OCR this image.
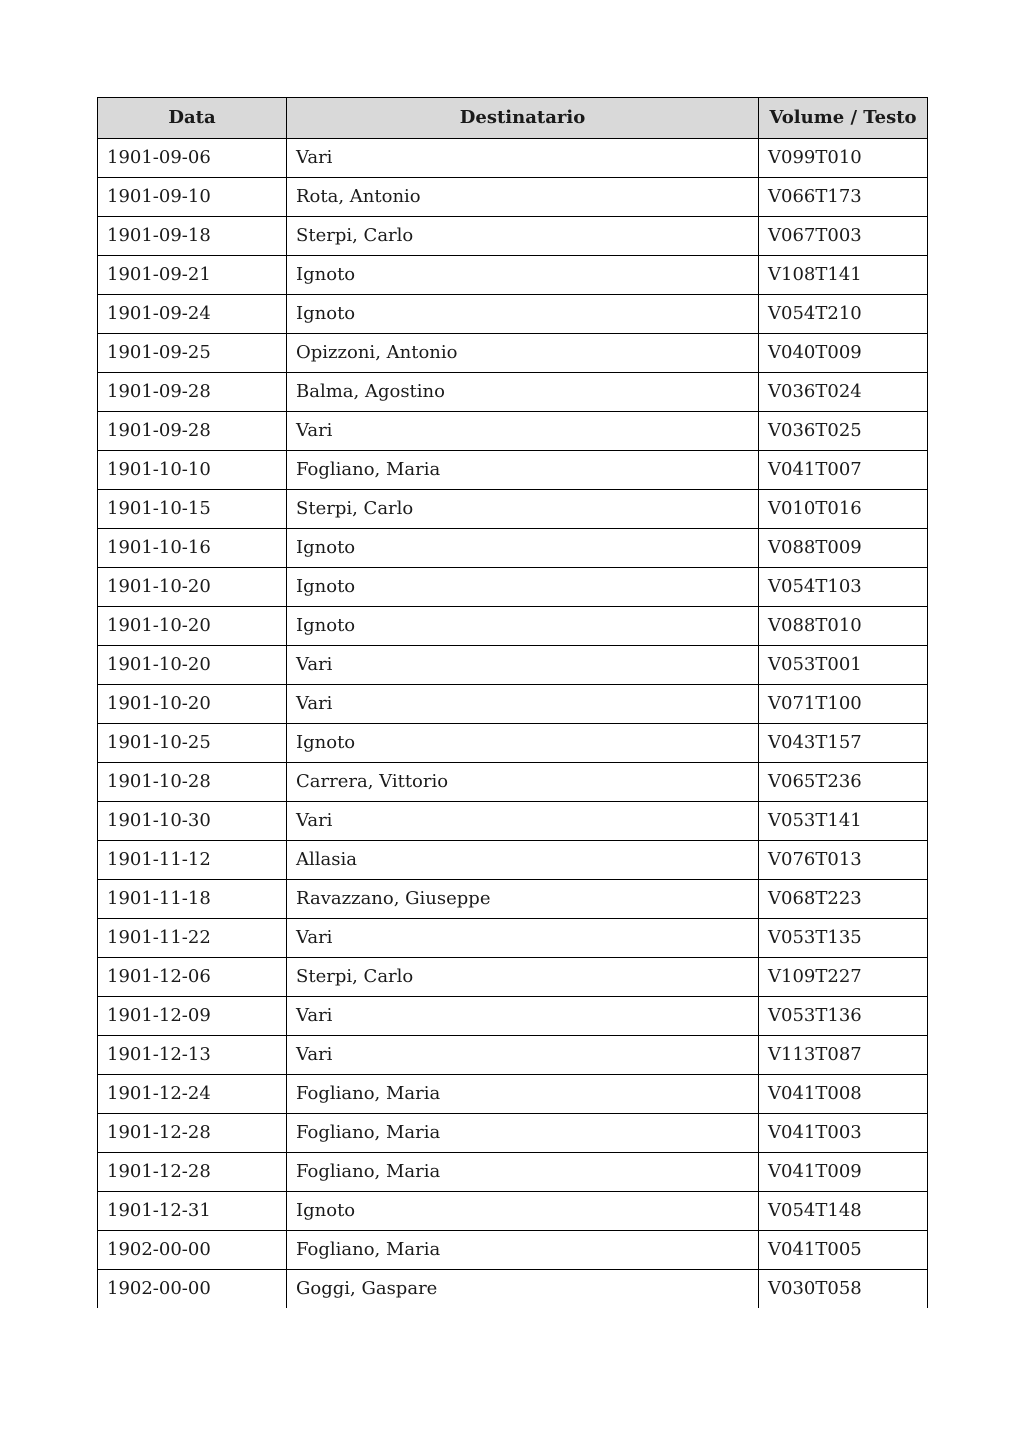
Data	Destinatario	Volume / Testo
1901-09-06	Vari	V099T010
1901-09-10	Rota, Antonio	V066T173
1901-09-18	Sterpi, Carlo	V067T003
1901-09-21	Ignoto	V108T141
1901-09-24	Ignoto	V054T210
1901-09-25	Opizzoni, Antonio	V040T009
1901-09-28	Balma, Agostino	V036T024
1901-09-28	Vari	V036T025
1901-10-10	Fogliano, Maria	V041T007
1901-10-15	Sterpi, Carlo	V010T016
1901-10-16	Ignoto	V088T009
1901-10-20	Ignoto	V054T103
1901-10-20	Ignoto	V088T010
1901-10-20	Vari	V053T001
1901-10-20	Vari	V071T100
1901-10-25	Ignoto	V043T157
1901-10-28	Carrera, Vittorio	V065T236
1901-10-30	Vari	V053T141
1901-11-12	Allasia	V076T013
1901-11-18	Ravazzano, Giuseppe	V068T223
1901-11-22	Vari	V053T135
1901-12-06	Sterpi, Carlo	V109T227
1901-12-09	Vari	V053T136
1901-12-13	Vari	V113T087
1901-12-24	Fogliano, Maria	V041T008
1901-12-28	Fogliano, Maria	V041T003
1901-12-28	Fogliano, Maria	V041T009
1901-12-31	Ignoto	V054T148
1902-00-00	Fogliano, Maria	V041T005
1902-00-00	Goggi, Gaspare	V030T058
